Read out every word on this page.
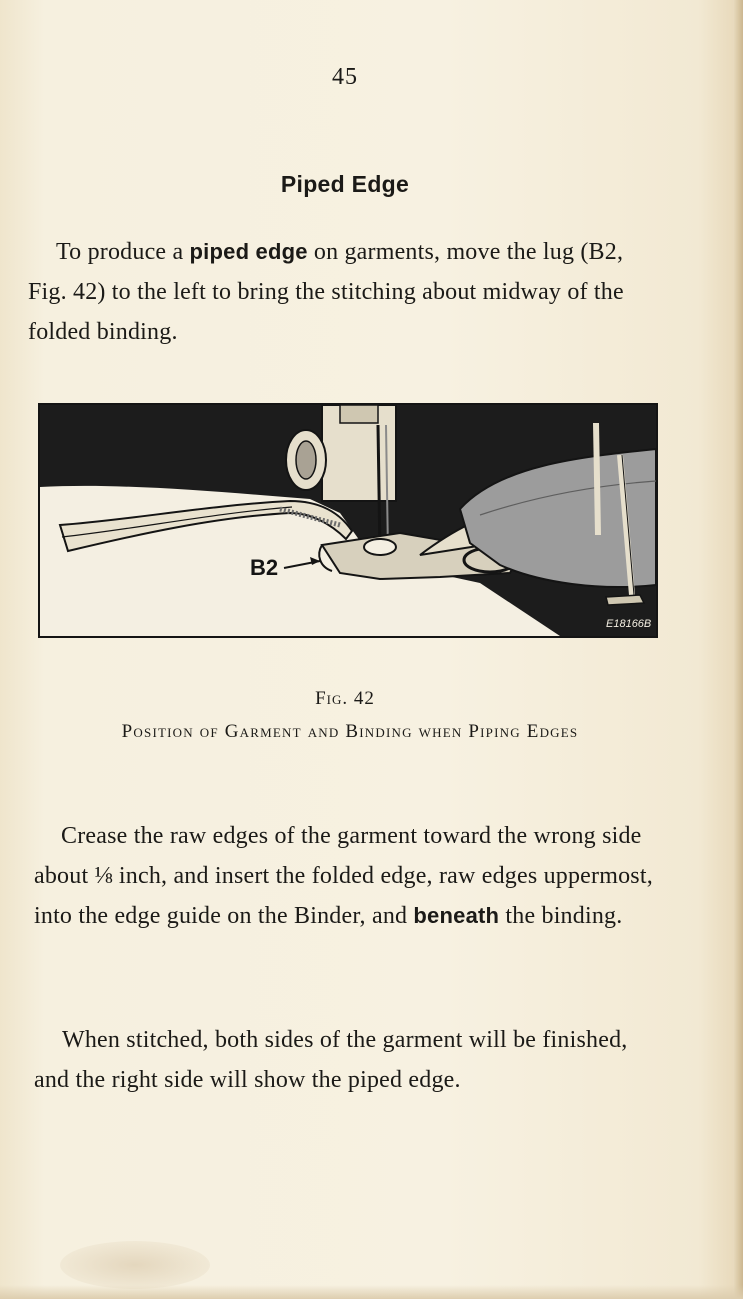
45
Piped Edge

To produce a piped edge on garments, move the lug (B2, Fig. 42) to the left to bring the stitching about midway of the folded binding.

B2
E18166B
Fig. 42
Position of Garment and Binding when Piping Edges

Crease the raw edges of the garment toward the wrong side about ⅛ inch, and insert the folded edge, raw edges uppermost, into the edge guide on the Binder, and beneath the binding.

When stitched, both sides of the garment will be finished, and the right side will show the piped edge.
